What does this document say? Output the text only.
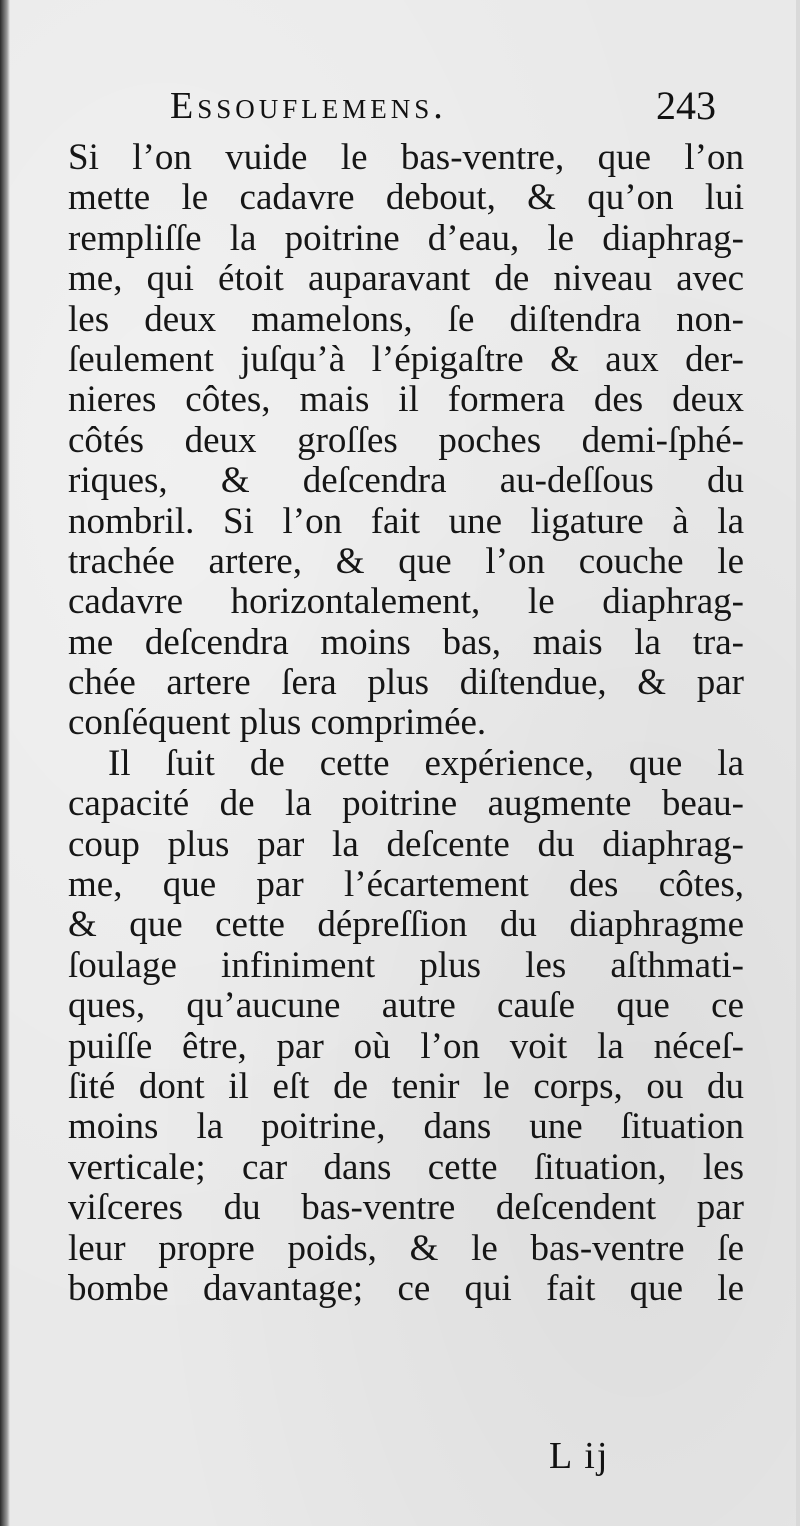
Essouflemens.	243
Si l’on vuide le bas-ventre, que l’on
mette le cadavre debout, & qu’on lui
rempliſſe la poitrine d’eau, le diaphrag-
me, qui étoit auparavant de niveau avec
les deux mamelons, ſe diſtendra non-
ſeulement juſqu’à l’épigaſtre & aux der-
nieres côtes, mais il formera des deux
côtés deux groſſes poches demi-ſphé-
riques, & deſcendra au-deſſous du
nombril. Si l’on fait une ligature à la
trachée artere, & que l’on couche le
cadavre horizontalement, le diaphrag-
me deſcendra moins bas, mais la tra-
chée artere ſera plus diſtendue, & par
conſéquent plus comprimée.
Il ſuit de cette expérience, que la
capacité de la poitrine augmente beau-
coup plus par la deſcente du diaphrag-
me, que par l’écartement des côtes,
& que cette dépreſſion du diaphragme
ſoulage infiniment plus les aſthmati-
ques, qu’aucune autre cauſe que ce
puiſſe être, par où l’on voit la néceſ-
ſité dont il eſt de tenir le corps, ou du
moins la poitrine, dans une ſituation
verticale; car dans cette ſituation, les
viſceres du bas-ventre deſcendent par
leur propre poids, & le bas-ventre ſe
bombe davantage; ce qui fait que le
L ij
